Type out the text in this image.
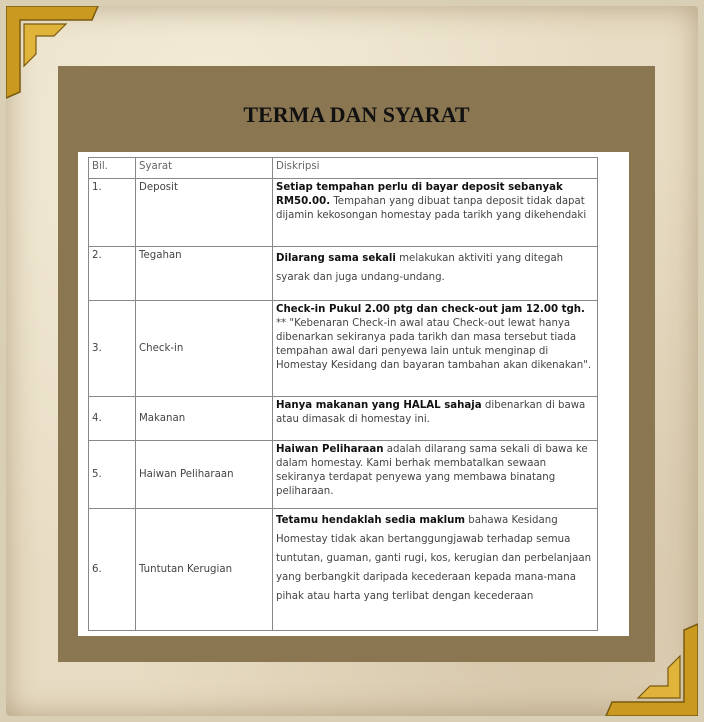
TERMA DAN SYARAT
Bil.	Syarat	Diskripsi
1.	Deposit	Setiap tempahan perlu di bayar deposit sebanyak RM50.00. Tempahan yang dibuat tanpa deposit tidak dapat dijamin kekosongan homestay pada tarikh yang dikehendaki
2.	Tegahan	Dilarang sama sekali melakukan aktiviti yang ditegah syarak dan juga undang-undang.
3.	Check-in	Check-in Pukul 2.00 ptg dan check-out jam 12.00 tgh. ** "Kebenaran Check-in awal atau Check-out lewat hanya dibenarkan sekiranya pada tarikh dan masa tersebut tiada tempahan awal dari penyewa lain untuk menginap di Homestay Kesidang dan bayaran tambahan akan dikenakan".
4.	Makanan	Hanya makanan yang HALAL sahaja dibenarkan di bawa atau dimasak di homestay ini.
5.	Haiwan Peliharaan	Haiwan Peliharaan adalah dilarang sama sekali di bawa ke dalam homestay. Kami berhak membatalkan sewaan sekiranya terdapat penyewa yang membawa binatang peliharaan.
6.	Tuntutan Kerugian	Tetamu hendaklah sedia maklum bahawa Kesidang Homestay tidak akan bertanggungjawab terhadap semua tuntutan, guaman, ganti rugi, kos, kerugian dan perbelanjaan yang berbangkit daripada kecederaan kepada mana-mana pihak atau harta yang terlibat dengan kecederaan
